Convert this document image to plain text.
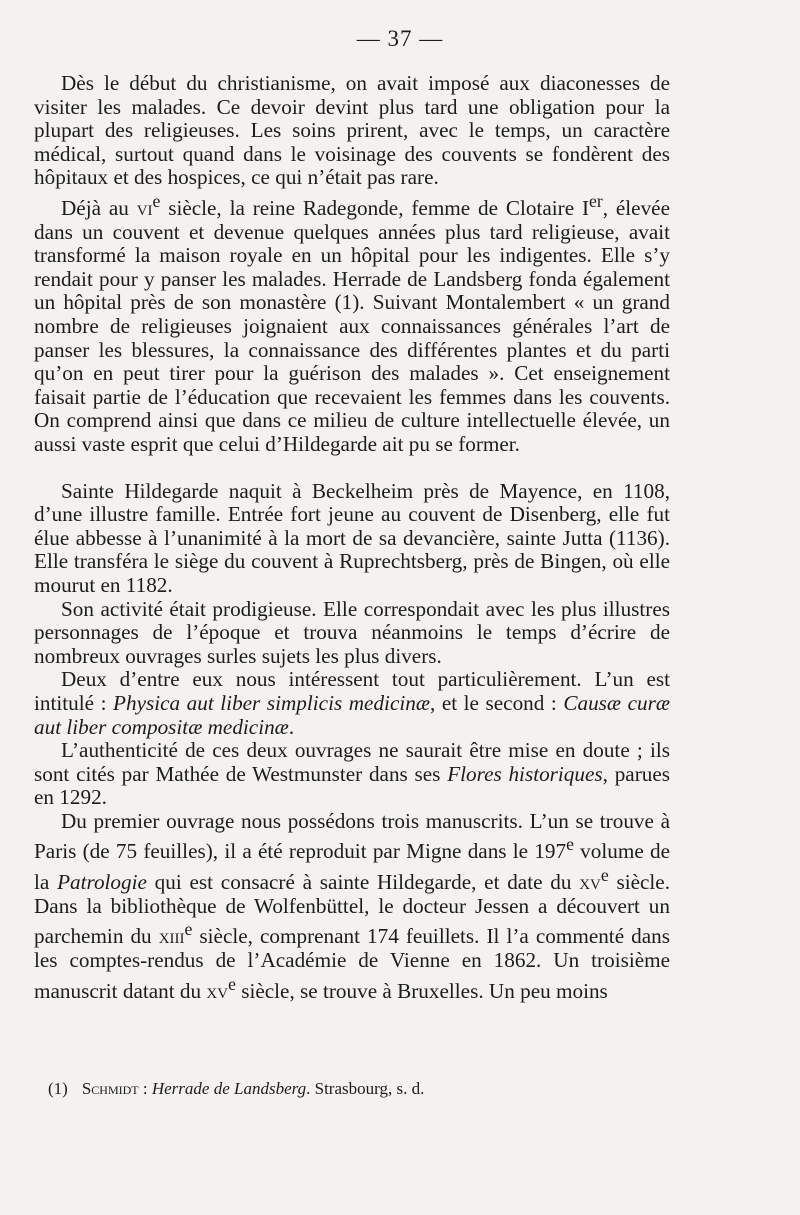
— 37 —

Dès le début du christianisme, on avait imposé aux diaconesses de visiter les malades. Ce devoir devint plus tard une obligation pour la plupart des religieuses. Les soins prirent, avec le temps, un caractère médical, surtout quand dans le voisinage des couvents se fondèrent des hôpitaux et des hospices, ce qui n’était pas rare.

Déjà au $vi^e$ siècle, la reine Radegonde, femme de Clotaire Ier, élevée dans un couvent et devenue quelques années plus tard religieuse, avait transformé la maison royale en un hôpital pour les indigentes. Elle s’y rendait pour y panser les malades. Herrade de Landsberg fonda également un hôpital près de son monastère (1). Suivant Montalembert « un grand nombre de religieuses joignaient aux connaissances générales l’art de panser les blessures, la connaissance des différentes plantes et du parti qu’on en peut tirer pour la guérison des malades ». Cet enseignement faisait partie de l’éducation que recevaient les femmes dans les couvents. On comprend ainsi que dans ce milieu de culture intellectuelle élevée, un aussi vaste esprit que celui d’Hildegarde ait pu se former.

Sainte Hildegarde naquit à Beckelheim près de Mayence, en 1108, d’une illustre famille. Entrée fort jeune au couvent de Disenberg, elle fut élue abbesse à l’unanimité à la mort de sa devancière, sainte Jutta (1136). Elle transféra le siège du couvent à Ruprechtsberg, près de Bingen, où elle mourut en 1182.

Son activité était prodigieuse. Elle correspondait avec les plus illustres personnages de l’époque et trouva néanmoins le temps d’écrire de nombreux ouvrages surles sujets les plus divers.

Deux d’entre eux nous intéressent tout particulièrement. L’un est intitulé : Physica aut liber simplicis medicinæ, et le second : Causæ curæ aut liber compositæ medicinæ.

L’authenticité de ces deux ouvrages ne saurait être mise en doute ; ils sont cités par Mathée de Westmunster dans ses Flores historiques, parues en 1292.

Du premier ouvrage nous possédons trois manuscrits. L’un se trouve à Paris (de 75 feuilles), il a été reproduit par Migne dans le 197e volume de la Patrologie qui est consacré à sainte Hildegarde, et date du $xv^e$ siècle. Dans la bibliothèque de Wolfenbüttel, le docteur Jessen a découvert un parchemin du xiii$^e$ siècle, comprenant 174 feuillets. Il l’a commenté dans les comptes-rendus de l’Académie de Vienne en 1862. Un troisième manuscrit datant du $xv^e$ siècle, se trouve à Bruxelles. Un peu moins

(1) Schmidt : Herrade de Landsberg. Strasbourg, s. d.
